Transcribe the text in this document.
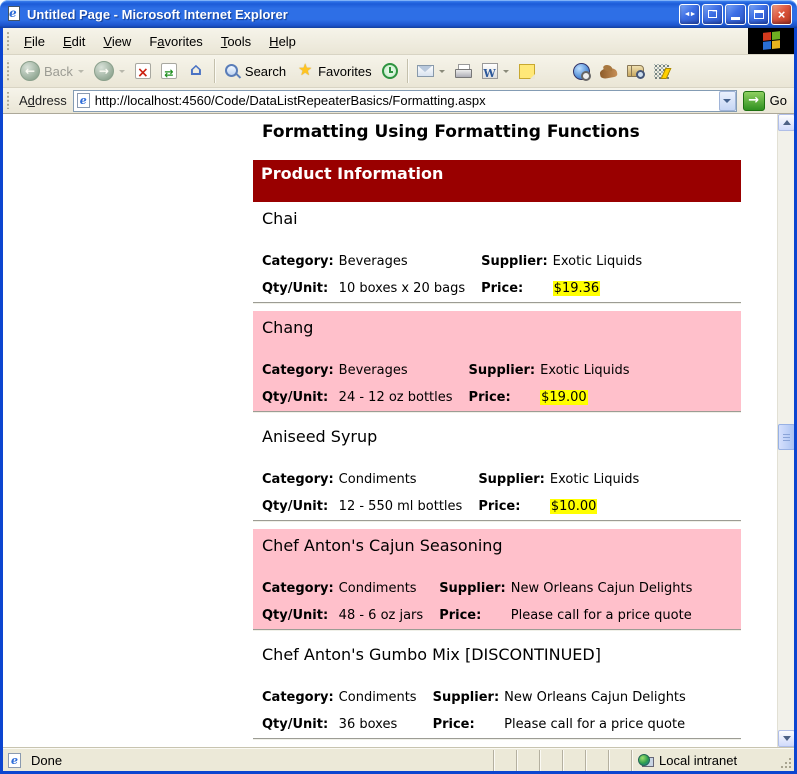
e Untitled Page - Microsoft Internet Explorer	◄► →	×
File	Edit	View	Favorites	Tools	Help
←
Back → × ⇄ ⌂	Search ★ Favorites
W
Address e http://localhost:4560/Code/DataListRepeaterBasics/Formatting.aspx →	Go
Formatting Using Formatting Functions
Product Information
Chai
Category:	Beverages	Supplier:	Exotic Liquids
Qty/Unit:	10 boxes x 20 bags	Price:	$19.36
Chang
Category:	Beverages	Supplier:	Exotic Liquids
Qty/Unit:	24 - 12 oz bottles	Price:	$19.00
Aniseed Syrup
Category:	Condiments	Supplier:	Exotic Liquids
Qty/Unit:	12 - 550 ml bottles	Price:	$10.00
Chef Anton's Cajun Seasoning
Category:	Condiments	Supplier:	New Orleans Cajun Delights
Qty/Unit:	48 - 6 oz jars	Price:	Please call for a price quote
Chef Anton's Gumbo Mix [DISCONTINUED]
Category:	Condiments	Supplier:	New Orleans Cajun Delights
Qty/Unit:	36 boxes	Price:	Please call for a price quote
e
Done	Local intranet
